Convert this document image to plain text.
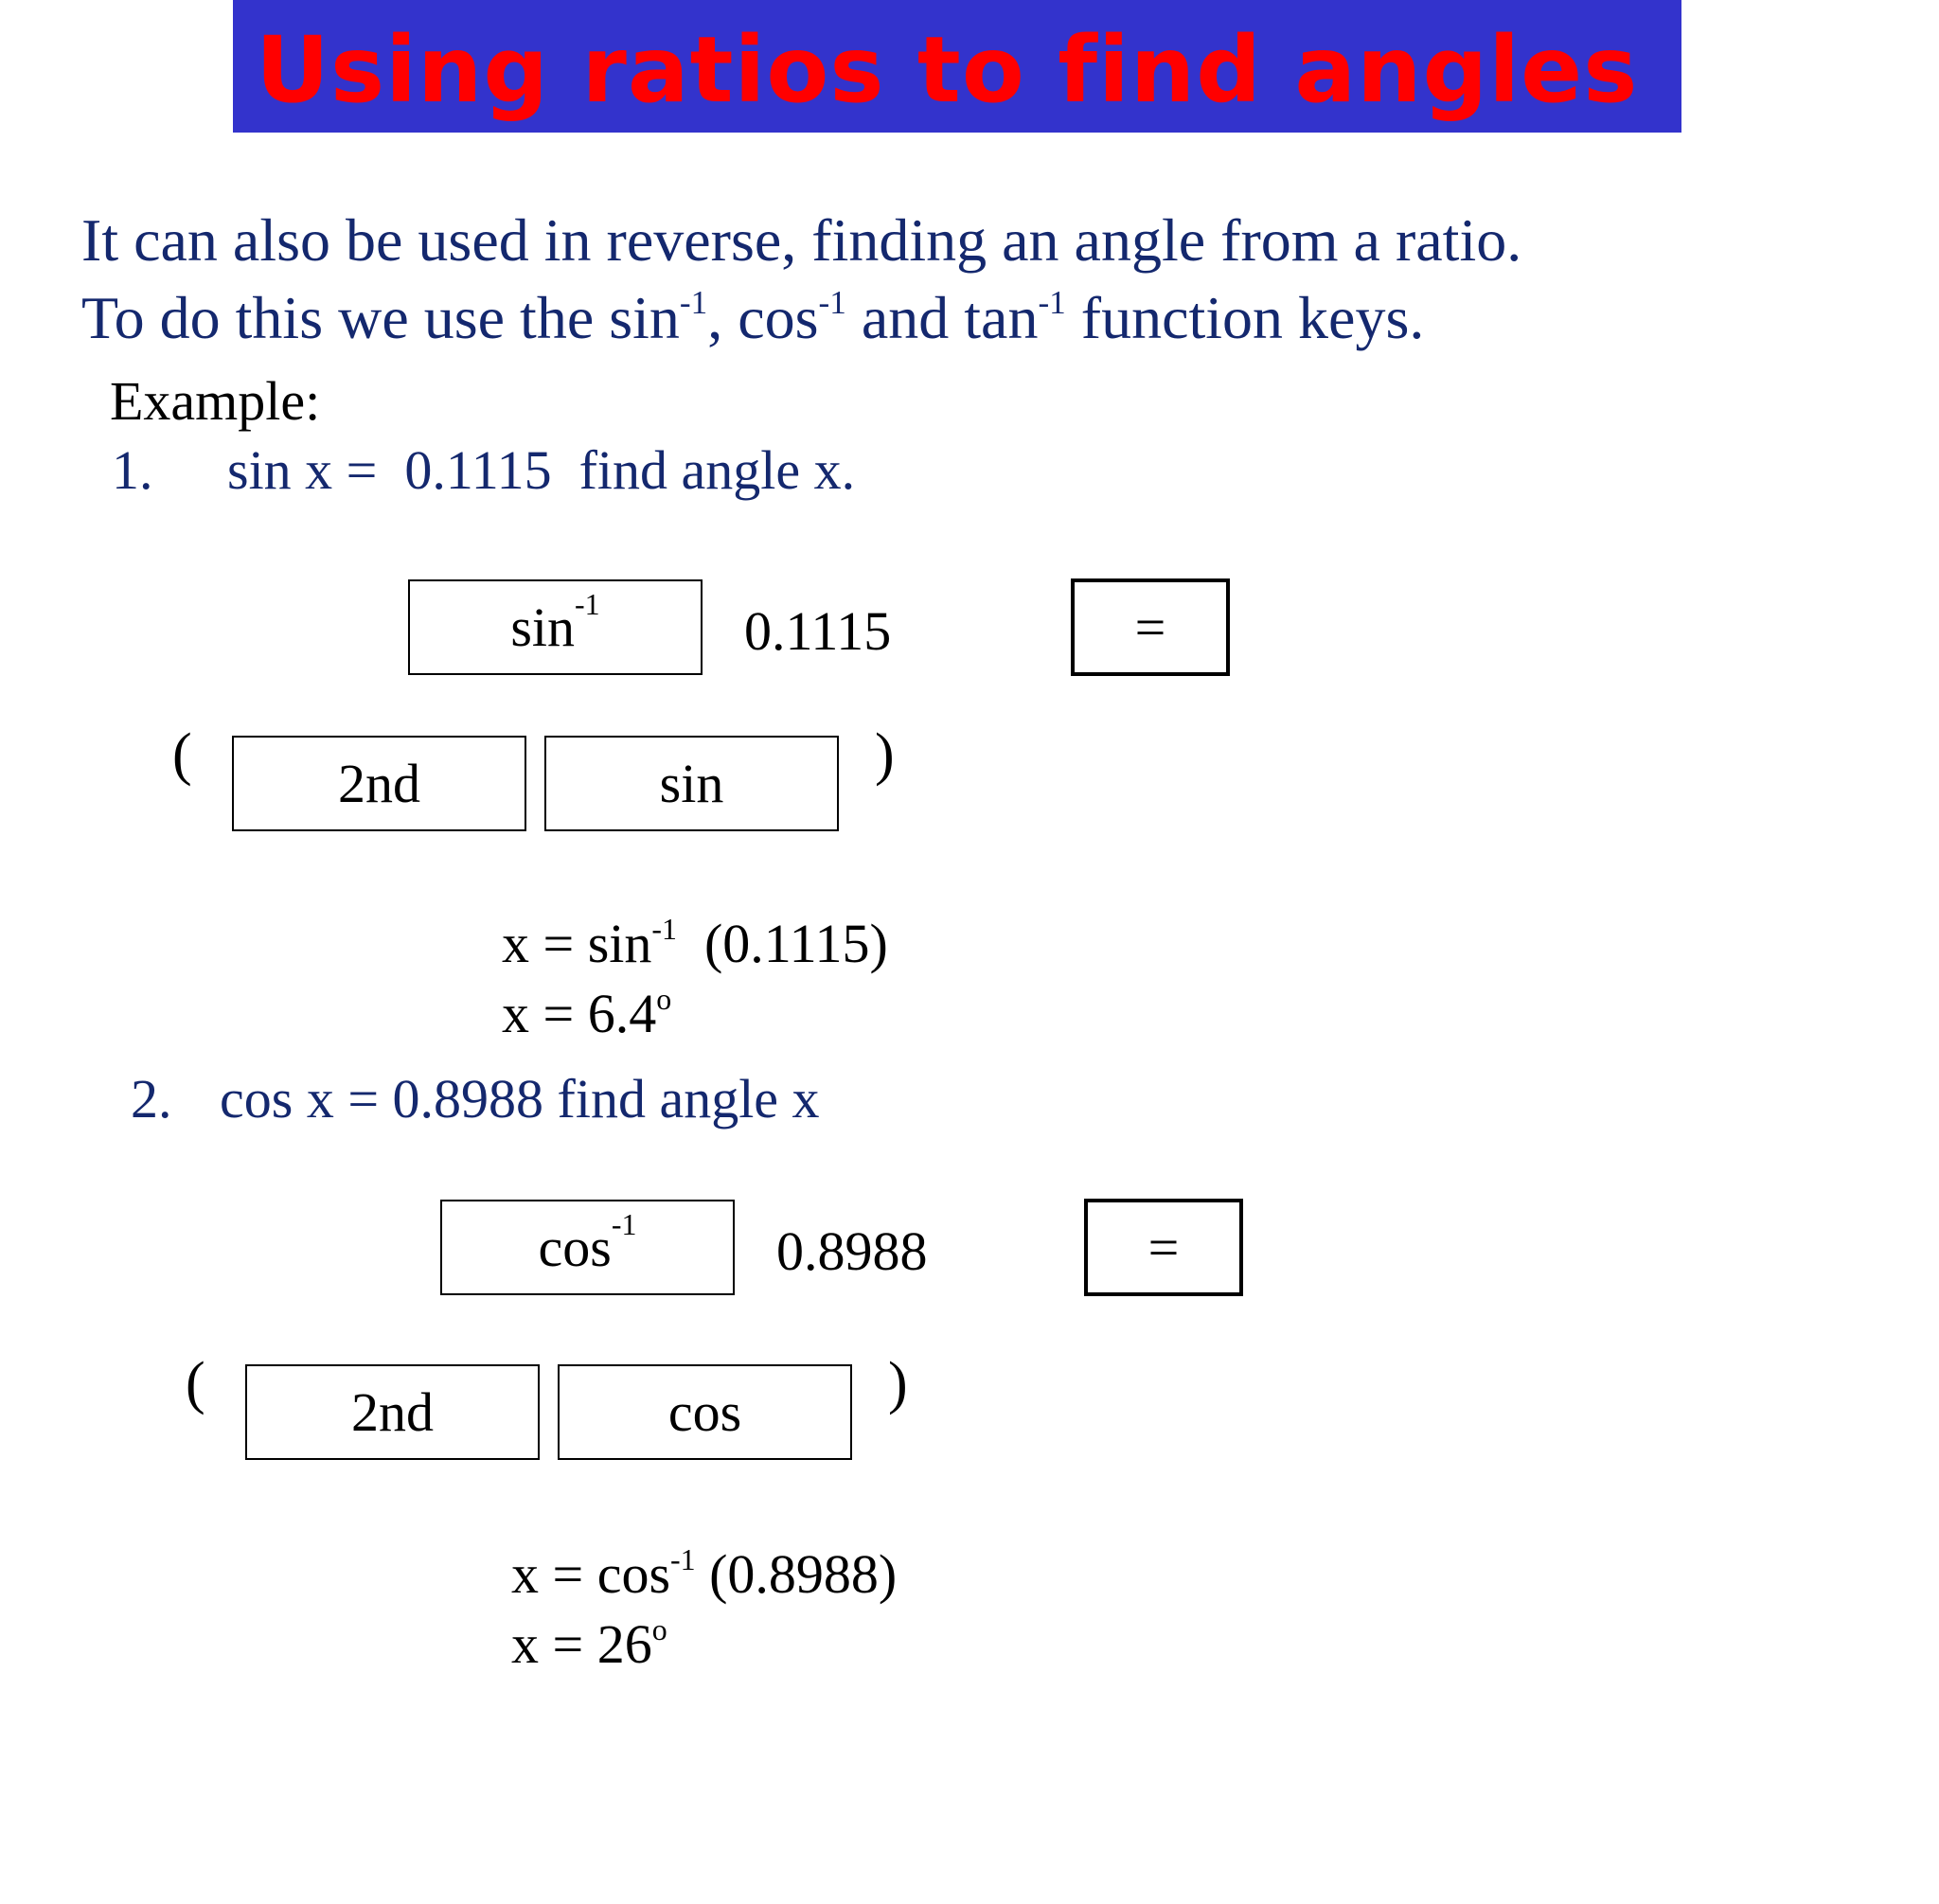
Using ratios to find angles
It can also be used in reverse, finding an angle from a ratio.
To do this we use the $\sin^{-1}$, $\cos^{-1}$ and $\tan^{-1}$ function keys.
Example:
1. sin x =  0.1115  find angle x.
$\sin^{-1}$	0.1115	=
(	2nd	sin	)
$x = \sin^{-1} (0.1115)$
$x = 6.4^o$
2. cos x = 0.8988 find angle x
$\cos^{-1}$	0.8988	=
(	2nd	cos	)
$x = \cos^{-1} (0.8988)$
$x = 26^o$
